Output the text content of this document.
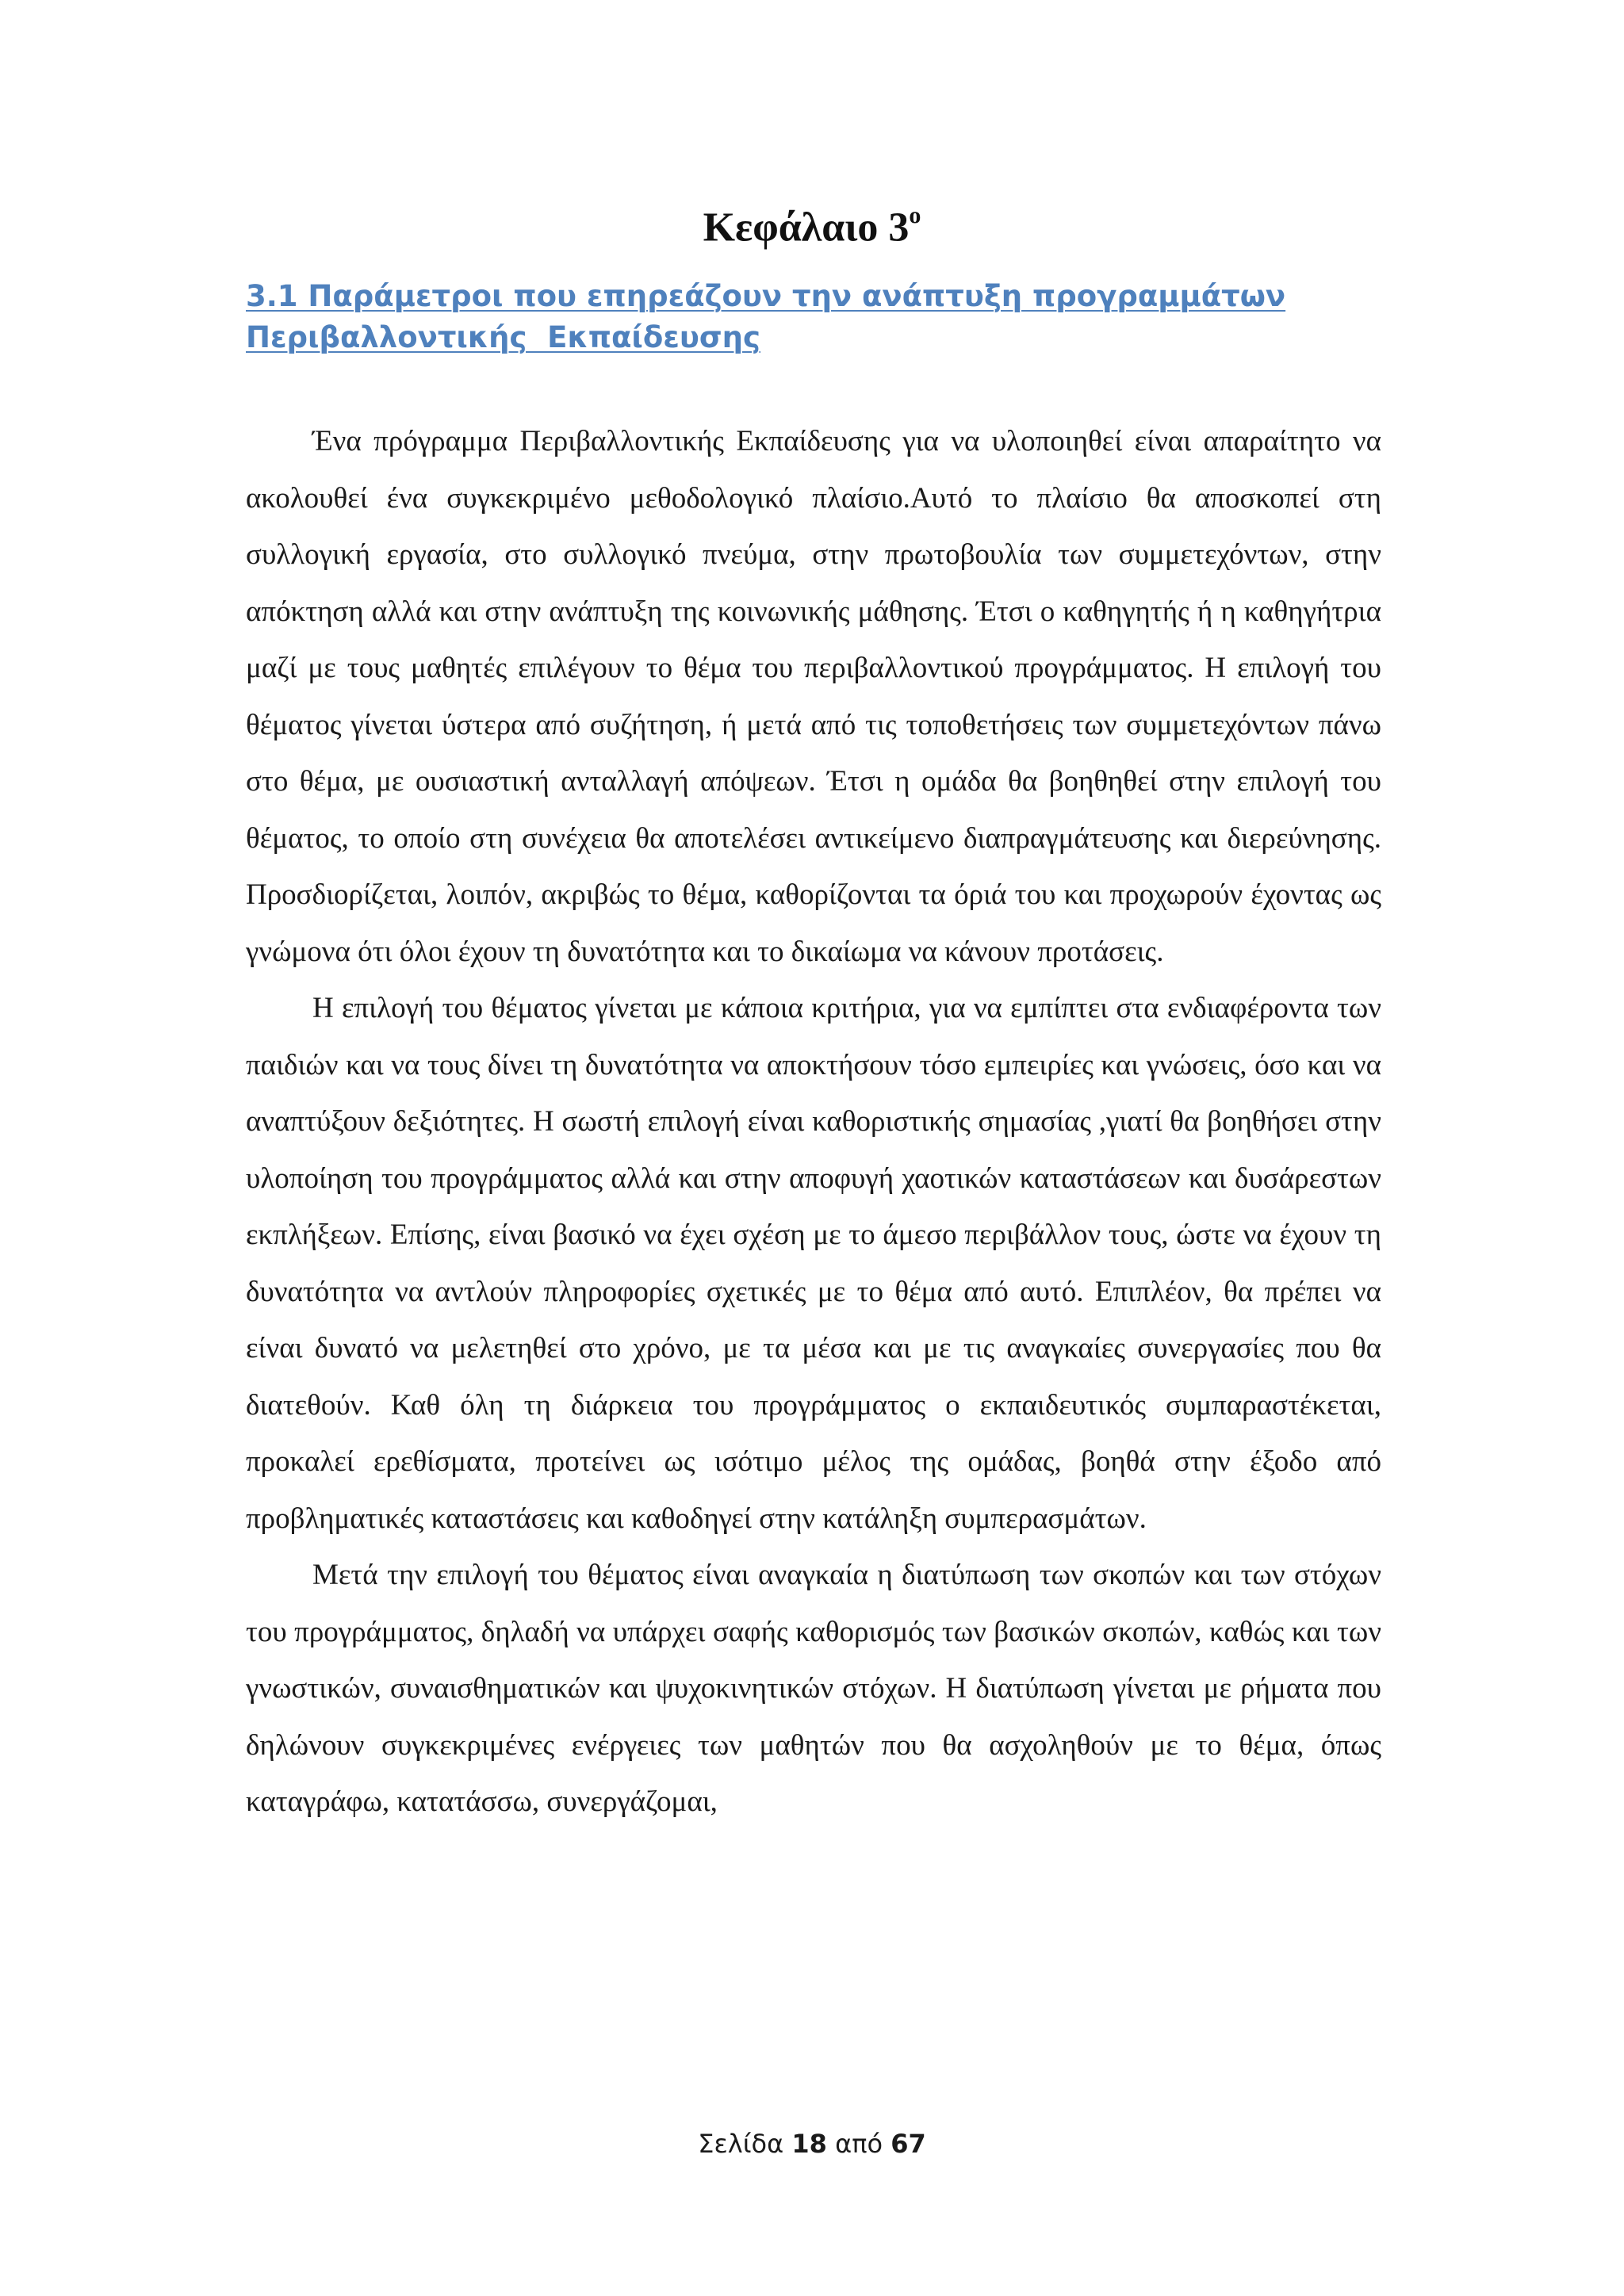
Κεφάλαιο $3^o$
3.1 Παράμετροι που επηρεάζουν την ανάπτυξη προγραμμάτων
Περιβαλλοντικής  Εκπαίδευσης

Ένα πρόγραμμα Περιβαλλοντικής Εκπαίδευσης για να υλοποιηθεί είναι απαραίτητο να ακολουθεί ένα συγκεκριμένο μεθοδολογικό πλαίσιο.Αυτό το πλαίσιο θα αποσκοπεί στη συλλογική εργασία, στο συλλογικό πνεύμα, στην πρωτοβουλία των συμμετεχόντων, στην απόκτηση αλλά και στην ανάπτυξη της κοινωνικής μάθησης. Έτσι ο καθηγητής ή η καθηγήτρια μαζί με τους μαθητές επιλέγουν το θέμα του περιβαλλοντικού προγράμματος. Η επιλογή του θέματος γίνεται ύστερα από συζήτηση, ή μετά από τις τοποθετήσεις των συμμετεχόντων πάνω στο θέμα, με ουσιαστική ανταλλαγή απόψεων. Έτσι η ομάδα θα βοηθηθεί στην επιλογή του θέματος, το οποίο στη συνέχεια θα αποτελέσει αντικείμενο διαπραγμάτευσης και διερεύνησης. Προσδιορίζεται, λοιπόν, ακριβώς το θέμα, καθορίζονται τα όριά του και προχωρούν έχοντας ως γνώμονα ότι όλοι έχουν τη δυνατότητα και το δικαίωμα να κάνουν προτάσεις.

Η επιλογή του θέματος γίνεται με κάποια κριτήρια, για να εμπίπτει στα ενδιαφέροντα των παιδιών και να τους δίνει τη δυνατότητα να αποκτήσουν τόσο εμπειρίες και γνώσεις, όσο και να αναπτύξουν δεξιότητες. Η σωστή επιλογή είναι καθοριστικής σημασίας ,γιατί θα βοηθήσει στην υλοποίηση του προγράμματος αλλά και στην αποφυγή χαοτικών καταστάσεων και δυσάρεστων εκπλήξεων. Επίσης, είναι βασικό να έχει σχέση με το άμεσο περιβάλλον τους, ώστε να έχουν τη δυνατότητα να αντλούν πληροφορίες σχετικές με το θέμα από αυτό. Επιπλέον, θα πρέπει να είναι δυνατό να μελετηθεί στο χρόνο, με τα μέσα και με τις αναγκαίες συνεργασίες που θα διατεθούν. Καθ όλη τη διάρκεια του προγράμματος ο εκπαιδευτικός συμπαραστέκεται, προκαλεί ερεθίσματα, προτείνει ως ισότιμο μέλος της ομάδας, βοηθά στην έξοδο από προβληματικές καταστάσεις και καθοδηγεί στην κατάληξη συμπερασμάτων.

Μετά την επιλογή του θέματος είναι αναγκαία η διατύπωση των σκοπών και των στόχων του προγράμματος, δηλαδή να υπάρχει σαφής καθορισμός των βασικών σκοπών, καθώς και των γνωστικών, συναισθηματικών και ψυχοκινητικών στόχων. Η διατύπωση γίνεται με ρήματα που δηλώνουν συγκεκριμένες ενέργειες των μαθητών που θα ασχοληθούν με το θέμα, όπως καταγράφω, κατατάσσω, συνεργάζομαι,

Σελίδα 18 από 67
